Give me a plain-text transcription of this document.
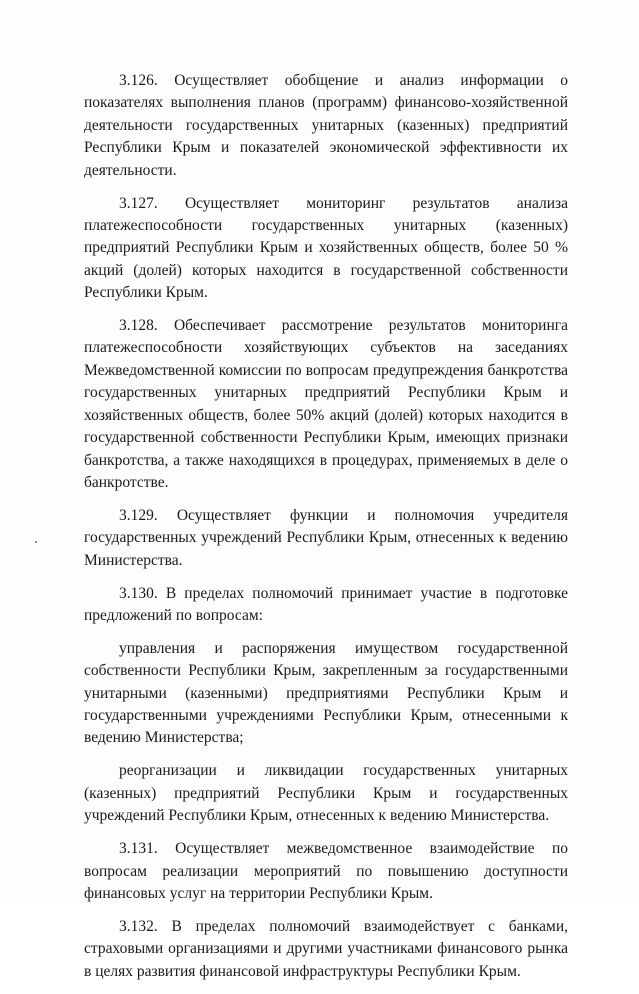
3.126. Осуществляет обобщение и анализ информации о показателях выполнения планов (программ) финансово-хозяйственной деятельности государственных унитарных (казенных) предприятий Республики Крым и показателей экономической эффективности их деятельности.

3.127. Осуществляет мониторинг результатов анализа платежеспособности государственных унитарных (казенных) предприятий Республики Крым и хозяйственных обществ, более 50 % акций (долей) которых находится в государственной собственности Республики Крым.

3.128. Обеспечивает рассмотрение результатов мониторинга платежеспособности хозяйствующих субъектов на заседаниях Межведомственной комиссии по вопросам предупреждения банкротства государственных унитарных предприятий Республики Крым и хозяйственных обществ, более 50% акций (долей) которых находится в государственной собственности Республики Крым, имеющих признаки банкротства, а также находящихся в процедурах, применяемых в деле о банкротстве.

3.129. Осуществляет функции и полномочия учредителя государственных учреждений Республики Крым, отнесенных к ведению Министерства.

3.130. В пределах полномочий принимает участие в подготовке предложений по вопросам:

управления и распоряжения имуществом государственной собственности Республики Крым, закрепленным за государственными унитарными (казенными) предприятиями Республики Крым и государственными учреждениями Республики Крым, отнесенными к ведению Министерства;

реорганизации и ликвидации государственных унитарных (казенных) предприятий Республики Крым и государственных учреждений Республики Крым, отнесенных к ведению Министерства.

3.131. Осуществляет межведомственное взаимодействие по вопросам реализации мероприятий по повышению доступности финансовых услуг на территории Республики Крым.

3.132. В пределах полномочий взаимодействует с банками, страховыми организациями и другими участниками финансового рынка в целях развития финансовой инфраструктуры Республики Крым.
